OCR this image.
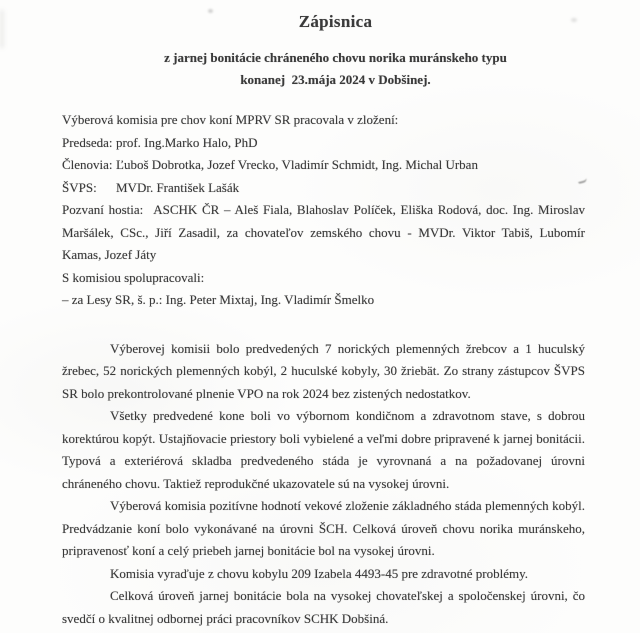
Zápisnica
z jarnej bonitácie chráneného chovu norika muránskeho typu
konanej  23.mája 2024 v Dobšinej.
Výberová komisia pre chov koní MPRV SR pracovala v zložení:
Predseda: prof. Ing.Marko Halo, PhD
Členovia: Ľuboš Dobrotka, Jozef Vrecko, Vladimír Schmidt, Ing. Michal Urban
ŠVPS:	MVDr. František Lašák
Pozvaní hostia: ASCHK ČR – Aleš Fiala, Blahoslav Políček, Eliška Rodová, doc. Ing. Miroslav Maršálek, CSc., Jiří Zasadil, za chovateľov zemského chovu - MVDr. Viktor Tabiš, Lubomír Kamas, Jozef Játy
S komisiou spolupracovali:
– za Lesy SR, š. p.: Ing. Peter Mixtaj, Ing. Vladimír Šmelko

Výberovej komisii bolo predvedených 7 norických plemenných žrebcov a 1 huculský žrebec, 52 norických plemenných kobýl, 2 huculské kobyly, 30 žriebät. Zo strany zástupcov ŠVPS SR bolo prekontrolované plnenie VPO na rok 2024 bez zistených nedostatkov.

Všetky predvedené kone boli vo výbornom kondičnom a zdravotnom stave, s dobrou korektúrou kopýt. Ustajňovacie priestory boli vybielené a veľmi dobre pripravené k jarnej bonitácii. Typová a exteriérová skladba predvedeného stáda je vyrovnaná a na požadovanej úrovni chráneného chovu. Taktiež reprodukčné ukazovatele sú na vysokej úrovni.

Výberová komisia pozitívne hodnotí vekové zloženie základného stáda plemenných kobýl. Predvádzanie koní bolo vykonávané na úrovni ŠCH. Celková úroveň chovu norika muránskeho, pripravenosť koní a celý priebeh jarnej bonitácie bol na vysokej úrovni.

Komisia vyraďuje z chovu kobylu 209 Izabela 4493-45 pre zdravotné problémy.

Celková úroveň jarnej bonitácie bola na vysokej chovateľskej a spoločenskej úrovni, čo svedčí o kvalitnej odbornej práci pracovníkov SCHK Dobšiná.
